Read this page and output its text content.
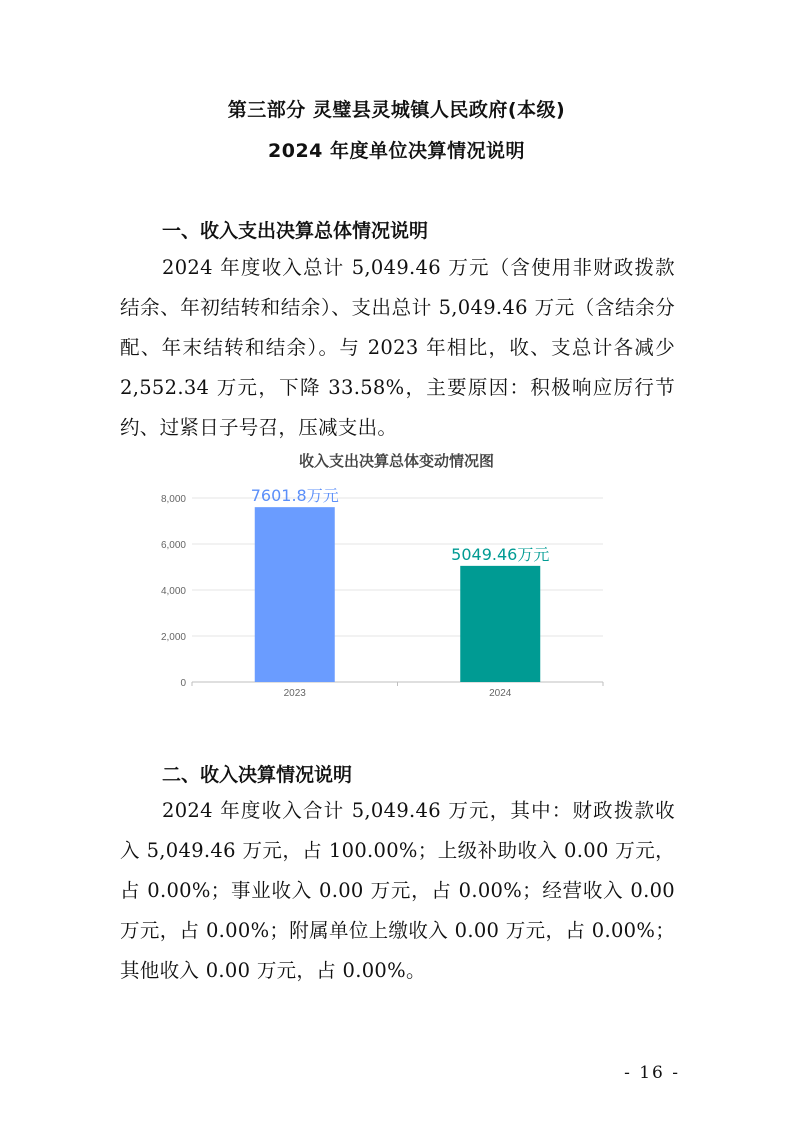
第三部分 灵璧县灵城镇人民政府(本级)
2024 年度单位决算情况说明
一、收入支出决算总体情况说明

2024 年度收入总计 5,049.46 万元（含使用非财政拨款结余、年初结转和结余）、支出总计 5,049.46 万元（含结余分配、年末结转和结余）。与 2023 年相比，收、支总计各减少 2,552.34 万元，下降 33.58%，主要原因：积极响应厉行节约、过紧日子号召，压减支出。

收入支出决算总体变动情况图
0
2,000
4,000
6,000
8,000	7601.8万元
2023
5049.46万元
2024
二、收入决算情况说明

2024 年度收入合计 5,049.46 万元，其中：财政拨款收入 5,049.46 万元，占 100.00%；上级补助收入 0.00 万元，占 0.00%；事业收入 0.00 万元，占 0.00%；经营收入 0.00 万元，占 0.00%；附属单位上缴收入 0.00 万元，占 0.00%；其他收入 0.00 万元，占 0.00%。

- 16 -
